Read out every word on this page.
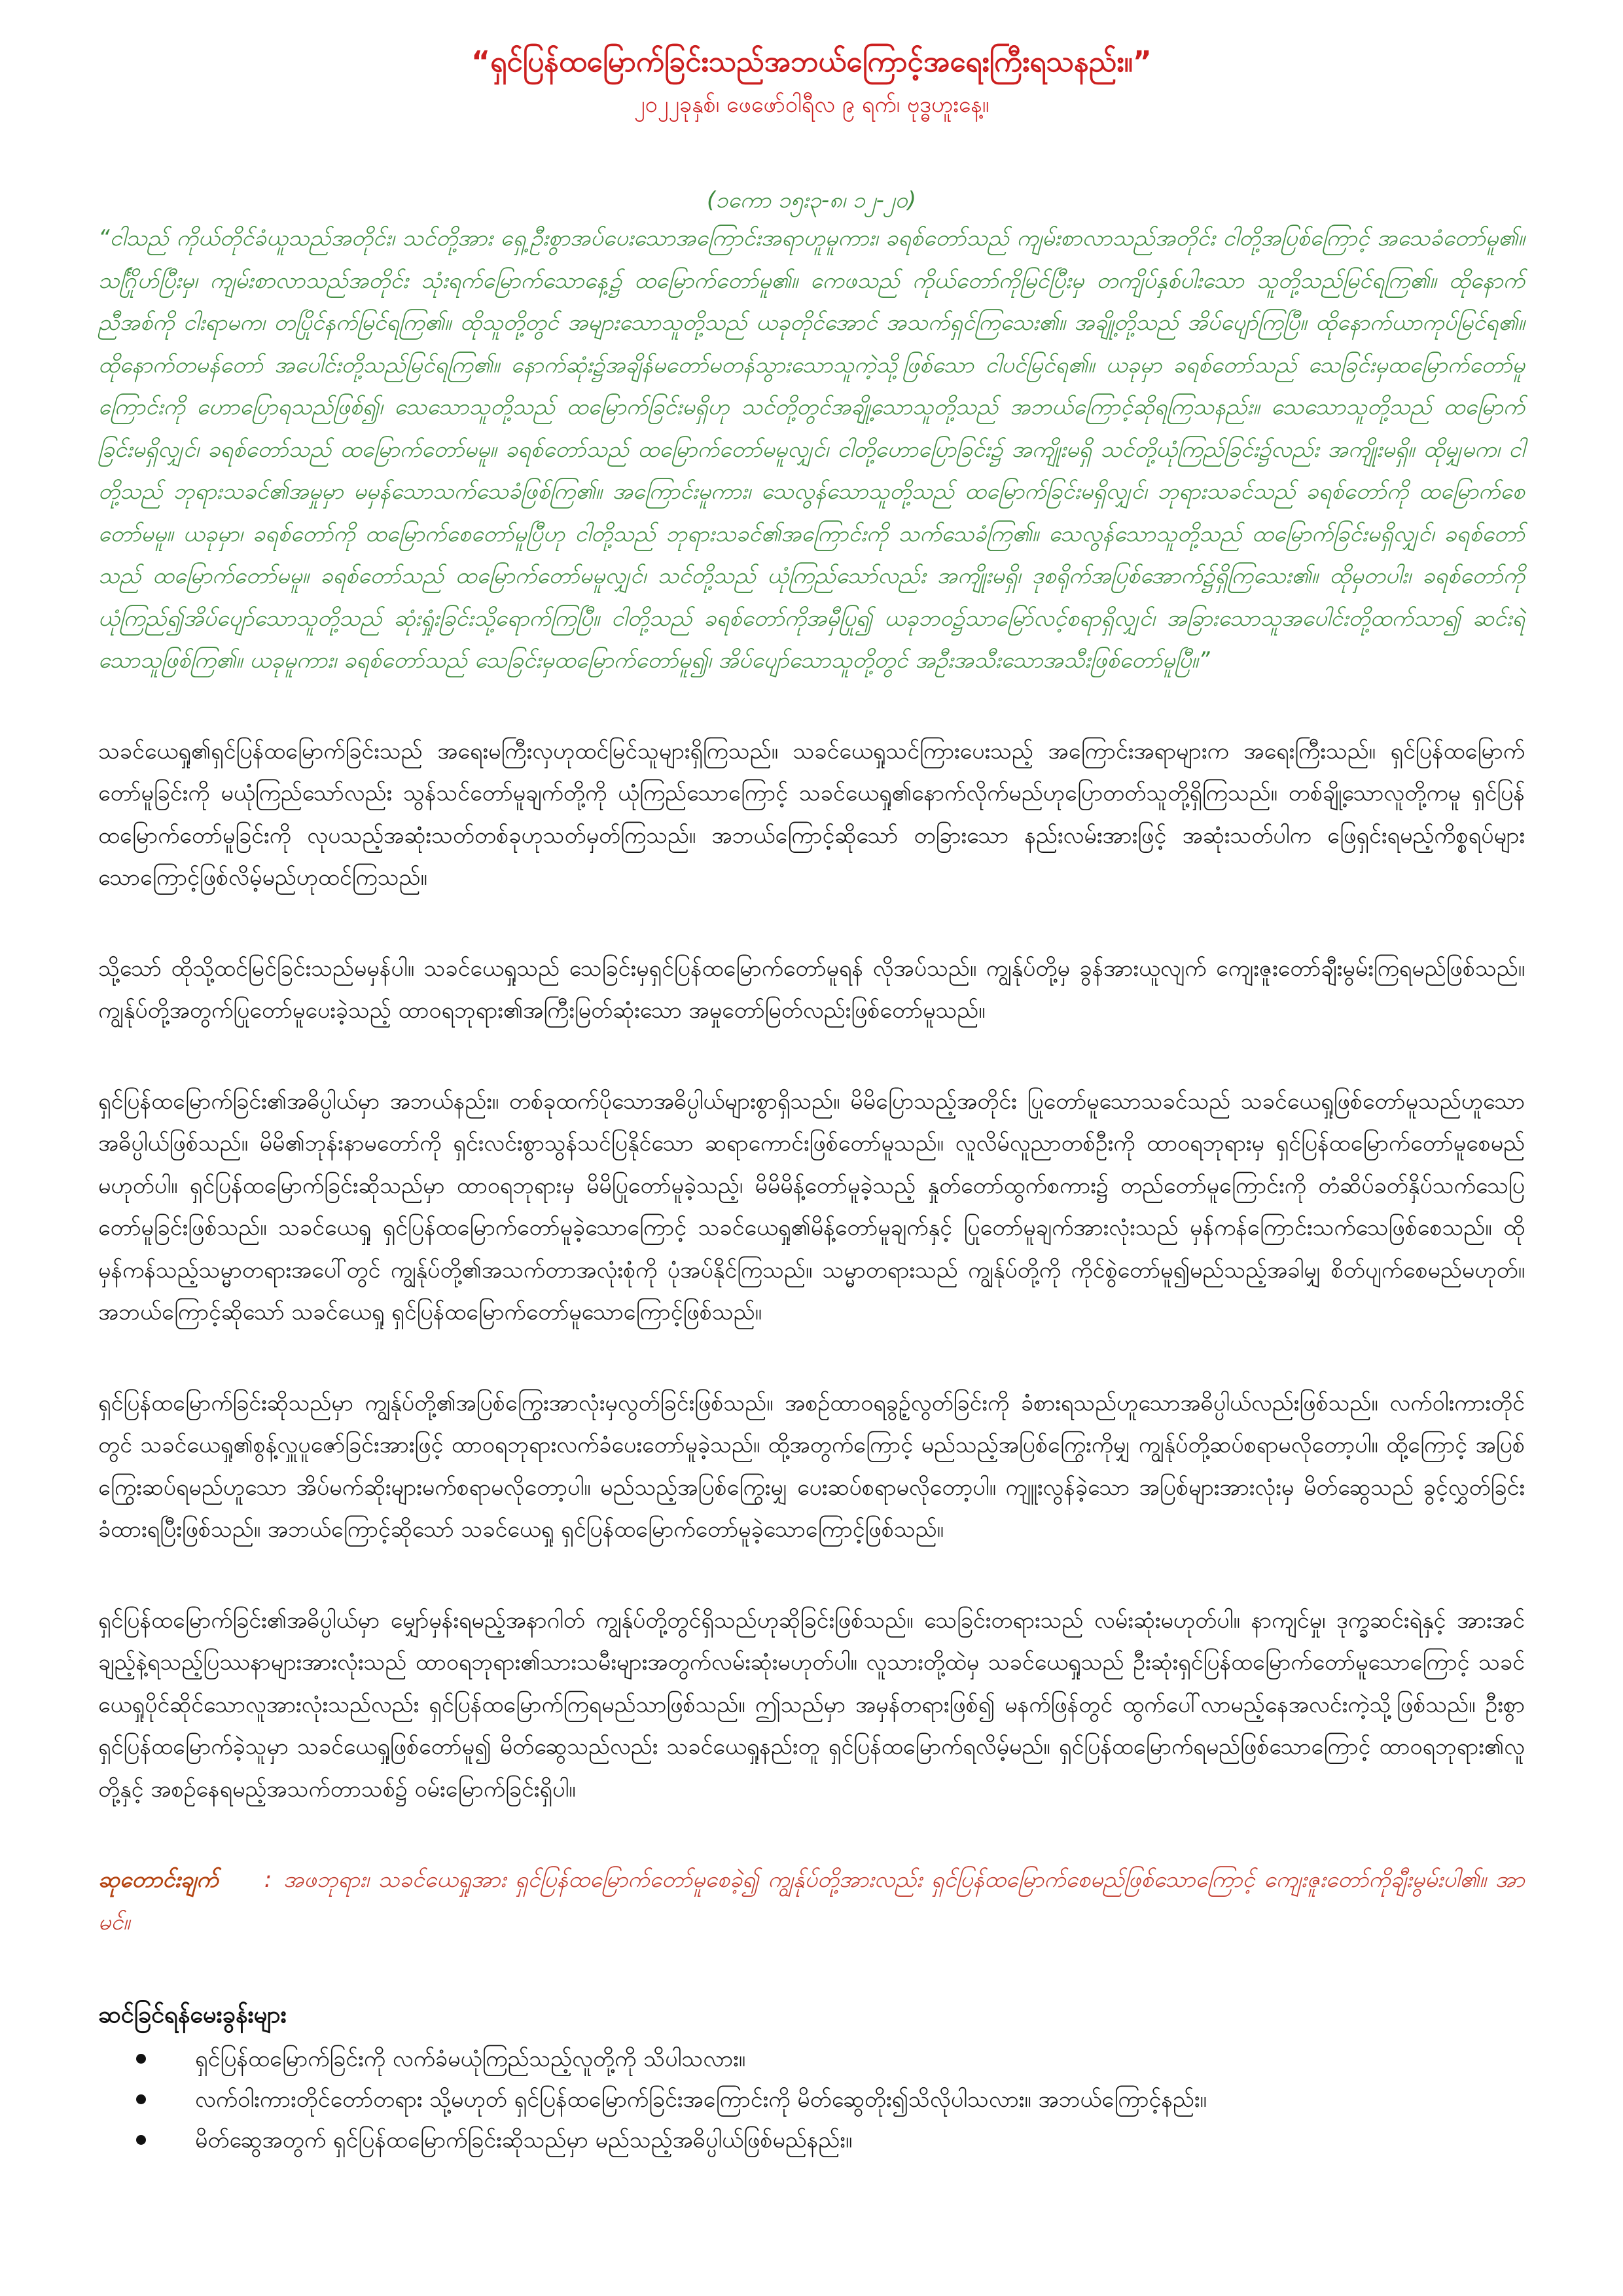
“ရှင်ပြန်ထမြောက်ခြင်းသည်အဘယ်ကြောင့်အရေးကြီးရသနည်း။”

၂၀၂၂ခုနှစ်၊ ဖေဖော်ဝါရီလ ၉ ရက်၊ ဗုဒ္ဓဟူးနေ့။

(၁ကော ၁၅း၃-၈၊ ၁၂-၂၀)

“ငါသည် ကိုယ်တိုင်ခံယူသည်အတိုင်း၊ သင်တို့အား ရှေ့ဦးစွာအပ်ပေးသောအကြောင်းအရာဟူမူကား၊ ခရစ်တော်သည် ကျမ်းစာလာသည်အတိုင်း ငါတို့အပြစ်ကြောင့် အသေခံတော်မူ၏။ သင်္ဂြိုဟ်ပြီးမှ၊ ကျမ်းစာလာသည်အတိုင်း သုံးရက်မြောက်သောနေ့၌ ထမြောက်တော်မူ၏။ ကေဖသည် ကိုယ်တော်ကိုမြင်ပြီးမှ တကျိပ်နှစ်ပါးသော သူတို့သည်မြင်ရကြ၏။ ထိုနောက်ညီအစ်ကို ငါးရာမက၊ တပြိုင်နက်မြင်ရကြ၏။ ထိုသူတို့တွင် အများသောသူတို့သည် ယခုတိုင်အောင် အသက်ရှင်ကြသေး၏။ အချို့တို့သည် အိပ်ပျော်ကြပြီ။ ထိုနောက်ယာကုပ်မြင်ရ၏။ ထိုနောက်တမန်တော် အပေါင်းတို့သည်မြင်ရကြ၏။ နောက်ဆုံး၌အချိန်မတော်မတန်သွားသောသူကဲ့သို့ဖြစ်သော ငါပင်မြင်ရ၏။ ယခုမှာ ခရစ်တော်သည် သေခြင်းမှထမြောက်တော်မူကြောင်းကို ဟောပြောရသည်ဖြစ်၍၊ သေသောသူတို့သည် ထမြောက်ခြင်းမရှိဟု သင်တို့တွင်အချို့သောသူတို့သည် အဘယ်ကြောင့်ဆိုရကြသနည်း။ သေသောသူတို့သည် ထမြောက်ခြင်းမရှိလျှင်၊ ခရစ်တော်သည် ထမြောက်တော်မမူ။ ခရစ်တော်သည် ထမြောက်တော်မမူလျှင်၊ ငါတို့ဟောပြောခြင်း၌ အကျိုးမရှိ သင်တို့ယုံကြည်ခြင်း၌လည်း အကျိုးမရှိ။ ထိုမျှမက၊ ငါတို့သည် ဘုရားသခင်၏အမှုမှာ မမှန်သောသက်သေခံဖြစ်ကြ၏။ အကြောင်းမူကား၊ သေလွန်သောသူတို့သည် ထမြောက်ခြင်းမရှိလျှင်၊ ဘုရားသခင်သည် ခရစ်တော်ကို ထမြောက်စေတော်မမူ။ ယခုမှာ၊ ခရစ်တော်ကို ထမြောက်စေတော်မူပြီဟု ငါတို့သည် ဘုရားသခင်၏အကြောင်းကို သက်သေခံကြ၏။ သေလွန်သောသူတို့သည် ထမြောက်ခြင်းမရှိလျှင်၊ ခရစ်တော်သည် ထမြောက်တော်မမူ။ ခရစ်တော်သည် ထမြောက်တော်မမူလျှင်၊ သင်တို့သည် ယုံကြည်သော်လည်း အကျိုးမရှိ၊ ဒုစရိုက်အပြစ်အောက်၌ရှိကြသေး၏။ ထိုမှတပါး၊ ခရစ်တော်ကို ယုံကြည်၍အိပ်ပျော်သောသူတို့သည် ဆုံးရှုံးခြင်းသို့ရောက်ကြပြီ။ ငါတို့သည် ခရစ်တော်ကိုအမှီပြု၍ ယခုဘဝ၌သာမြော်လင့်စရာရှိလျှင်၊ အခြားသောသူအပေါင်းတို့ထက်သာ၍ ဆင်းရဲသောသူဖြစ်ကြ၏။ ယခုမူကား၊ ခရစ်တော်သည် သေခြင်းမှထမြောက်တော်မူ၍၊ အိပ်ပျော်သောသူတို့တွင် အဦးအသီးသောအသီးဖြစ်တော်မူပြီ။”

သခင်ယေရှု၏ရှင်ပြန်ထမြောက်ခြင်းသည် အရေးမကြီးလှဟုထင်မြင်သူများရှိကြသည်။ သခင်ယေရှုသင်ကြားပေးသည့် အကြောင်းအရာများက အရေးကြီးသည်။ ရှင်ပြန်ထမြောက်တော်မူခြင်းကို မယုံကြည်သော်လည်း သွန်သင်တော်မူချက်တို့ကို ယုံကြည်သောကြောင့် သခင်ယေရှု၏နောက်လိုက်မည်ဟုပြောတတ်သူတို့ရှိကြသည်။ တစ်ချို့သောလူတို့ကမူ ရှင်ပြန်ထမြောက်တော်မူခြင်းကို လုပသည့်အဆုံးသတ်တစ်ခုဟုသတ်မှတ်ကြသည်။ အဘယ်ကြောင့်ဆိုသော် တခြားသော နည်းလမ်းအားဖြင့် အဆုံးသတ်ပါက ဖြေရှင်းရမည့်ကိစ္စရပ်များသောကြောင့်ဖြစ်လိမ့်မည်ဟုထင်ကြသည်။

သို့သော် ထိုသို့ထင်မြင်ခြင်းသည်မမှန်ပါ။ သခင်ယေရှုသည် သေခြင်းမှရှင်ပြန်ထမြောက်တော်မူရန် လိုအပ်သည်။ ကျွန်ုပ်တို့မှ ခွန်အားယူလျက် ကျေးဇူးတော်ချီးမွမ်းကြရမည်ဖြစ်သည်။ ကျွန်ုပ်တို့အတွက်ပြုတော်မူပေးခဲ့သည့် ထာဝရဘုရား၏အကြီးမြတ်ဆုံးသော အမှုတော်မြတ်လည်းဖြစ်တော်မူသည်။

ရှင်ပြန်ထမြောက်ခြင်း၏အဓိပ္ပါယ်မှာ အဘယ်နည်း။ တစ်ခုထက်ပိုသောအဓိပ္ပါယ်များစွာရှိသည်။ မိမိပြောသည့်အတိုင်း ပြုတော်မူသောသခင်သည် သခင်ယေရှုဖြစ်တော်မူသည်ဟူသောအဓိပ္ပါယ်ဖြစ်သည်။ မိမိ၏ဘုန်းနာမတော်ကို ရှင်းလင်းစွာသွန်သင်ပြနိုင်သော ဆရာကောင်းဖြစ်တော်မူသည်။ လူလိမ်လူညာတစ်ဦးကို ထာဝရဘုရားမှ ရှင်ပြန်ထမြောက်တော်မူစေမည်မဟုတ်ပါ။ ရှင်ပြန်ထမြောက်ခြင်းဆိုသည်မှာ ထာဝရဘုရားမှ မိမိပြုတော်မူခဲ့သည့်၊ မိမိမိန့်တော်မူခဲ့သည့် နှုတ်တော်ထွက်စကား၌ တည်တော်မူကြောင်းကို တံဆိပ်ခတ်နှိပ်သက်သေပြတော်မူခြင်းဖြစ်သည်။ သခင်ယေရှု ရှင်ပြန်ထမြောက်တော်မူခဲ့သောကြောင့် သခင်ယေရှု၏မိန့်တော်မူချက်နှင့် ပြုတော်မူချက်အားလုံးသည် မှန်ကန်ကြောင်းသက်သေဖြစ်စေသည်။ ထိုမှန်ကန်သည့်သမ္မာတရားအပေါ်တွင် ကျွန်ုပ်တို့၏အသက်တာအလုံးစုံကို ပုံအပ်နိုင်ကြသည်။ သမ္မာတရားသည် ကျွန်ုပ်တို့ကို ကိုင်စွဲတော်မူ၍မည်သည့်အခါမျှ စိတ်ပျက်စေမည်မဟုတ်။ အဘယ်ကြောင့်ဆိုသော် သခင်ယေရှု ရှင်ပြန်ထမြောက်တော်မူသောကြောင့်ဖြစ်သည်။

ရှင်ပြန်ထမြောက်ခြင်းဆိုသည်မှာ ကျွန်ုပ်တို့၏အပြစ်ကြွေးအာလုံးမှလွတ်ခြင်းဖြစ်သည်။ အစဉ်ထာဝရခွဉ့်လွတ်ခြင်းကို ခံစားရသည်ဟူသောအဓိပ္ပါယ်လည်းဖြစ်သည်။ လက်ဝါးကားတိုင်တွင် သခင်ယေရှု၏စွန့်လှူပူဇော်ခြင်းအားဖြင့် ထာဝရဘုရားလက်ခံပေးတော်မူခဲ့သည်။ ထို့အတွက်ကြောင့် မည်သည့်အပြစ်ကြွေးကိုမျှ ကျွန်ုပ်တို့ဆပ်စရာမလိုတော့ပါ။ ထို့ကြောင့် အပြစ်ကြွေးဆပ်ရမည်ဟူသော အိပ်မက်ဆိုးများမက်စရာမလိုတော့ပါ။ မည်သည့်အပြစ်ကြွေးမျှ ပေးဆပ်စရာမလိုတော့ပါ။ ကျူးလွန်ခဲ့သော အပြစ်များအားလုံးမှ မိတ်ဆွေသည် ခွင့်လွှတ်ခြင်းခံထားရပြီးဖြစ်သည်။ အဘယ်ကြောင့်ဆိုသော် သခင်ယေရှု ရှင်ပြန်ထမြောက်တော်မူခဲ့သောကြောင့်ဖြစ်သည်။

ရှင်ပြန်ထမြောက်ခြင်း၏အဓိပ္ပါယ်မှာ မျှော်မှန်းရမည့်အနာဂါတ် ကျွန်ုပ်တို့တွင်ရှိသည်ဟုဆိုခြင်းဖြစ်သည်။ သေခြင်းတရားသည် လမ်းဆုံးမဟုတ်ပါ။ နာကျင်မှု၊ ဒုက္ခဆင်းရဲနှင့် အားအင်ချည့်နဲ့ရသည့်ပြဿနာများအားလုံးသည် ထာဝရဘုရား၏သားသမီးများအတွက်လမ်းဆုံးမဟုတ်ပါ။ လူသားတို့ထဲမှ သခင်ယေရှုသည် ဦးဆုံးရှင်ပြန်ထမြောက်တော်မူသောကြောင့် သခင်ယေရှုပိုင်ဆိုင်သောလူအားလုံးသည်လည်း ရှင်ပြန်ထမြောက်ကြရမည်သာဖြစ်သည်။ ဤသည်မှာ အမှန်တရားဖြစ်၍ မနက်ဖြန်တွင် ထွက်ပေါ်လာမည့်နေအလင်းကဲ့သို့ဖြစ်သည်။ ဦးစွာရှင်ပြန်ထမြောက်ခဲ့သူမှာ သခင်ယေရှုဖြစ်တော်မူ၍ မိတ်ဆွေသည်လည်း သခင်ယေရှုနည်းတူ ရှင်ပြန်ထမြောက်ရလိမ့်မည်။ ရှင်ပြန်ထမြောက်ရမည်ဖြစ်သောကြောင့် ထာဝရဘုရား၏လူတို့နှင့် အစဉ်နေရမည့်အသက်တာသစ်၌ ဝမ်းမြောက်ခြင်းရှိပါ။

ဆုတောင်းချက် : အဖဘုရား၊ သခင်ယေရှုအား ရှင်ပြန်ထမြောက်တော်မူစေခဲ့၍ ကျွန်ုပ်တို့အားလည်း ရှင်ပြန်ထမြောက်စေမည်ဖြစ်သောကြောင့် ကျေးဇူးတော်ကိုချီးမွမ်းပါ၏။ အာမင်။

ဆင်ခြင်ရန်မေးခွန်းများ
ရှင်ပြန်ထမြောက်ခြင်းကို လက်ခံမယုံကြည်သည့်လူတို့ကို သိပါသလား။
လက်ဝါးကားတိုင်တော်တရား သို့မဟုတ် ရှင်ပြန်ထမြောက်ခြင်းအကြောင်းကို မိတ်ဆွေတိုး၍သိလိုပါသလား။ အဘယ်ကြောင့်နည်း။
မိတ်ဆွေအတွက် ရှင်ပြန်ထမြောက်ခြင်းဆိုသည်မှာ မည်သည့်အဓိပ္ပါယ်ဖြစ်မည်နည်း။
